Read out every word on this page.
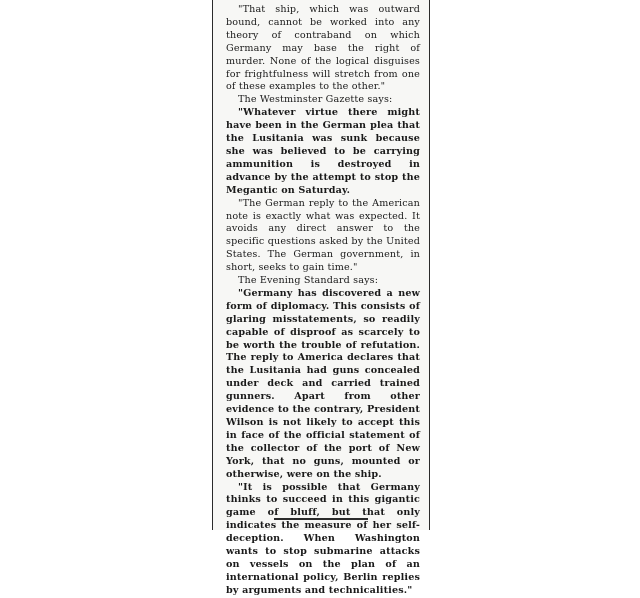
"That ship, which was outward bound, cannot be worked into any theory of contraband on which Germany may base the right of murder. None of the logical disguises for frightfulness will stretch from one of these examples to the other."

The Westminster Gazette says:

"Whatever virtue there might have been in the German plea that the Lusitania was sunk because she was believed to be carrying ammunition is destroyed in advance by the attempt to stop the Megantic on Saturday.

"The German reply to the American note is exactly what was expected. It avoids any direct answer to the specific questions asked by the United States. The German government, in short, seeks to gain time."

The Evening Standard says:

"Germany has discovered a new form of diplomacy. This consists of glaring misstatements, so readily capable of disproof as scarcely to be worth the trouble of refutation. The reply to America declares that the Lusitania had guns concealed under deck and carried trained gunners. Apart from other evidence to the contrary, President Wilson is not likely to accept this in face of the official statement of the collector of the port of New York, that no guns, mounted or otherwise, were on the ship.

"It is possible that Germany thinks to succeed in this gigantic game of bluff, but that only indicates the measure of her self-deception. When Washington wants to stop submarine attacks on vessels on the plan of an international policy, Berlin replies by arguments and technicalities."
